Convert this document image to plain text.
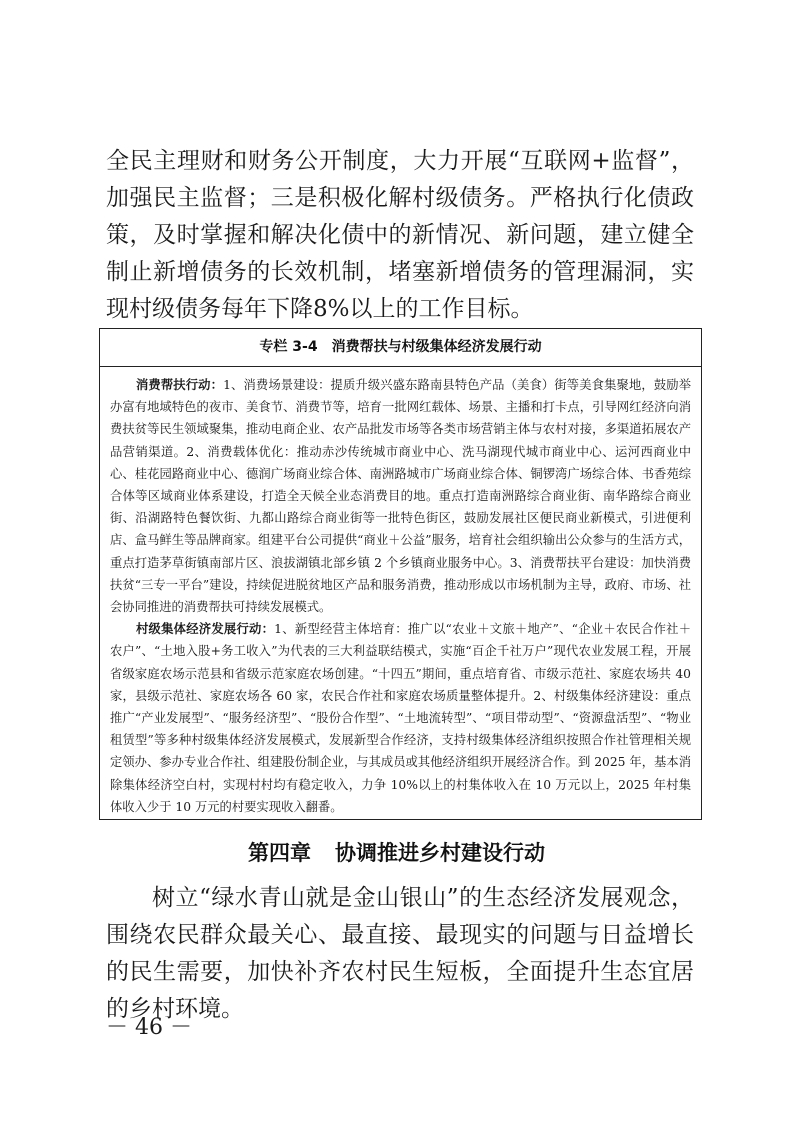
全民主理财和财务公开制度，大力开展“互联网+监督”，加强民主监督；三是积极化解村级债务。严格执行化债政策，及时掌握和解决化债中的新情况、新问题，建立健全制止新增债务的长效机制，堵塞新增债务的管理漏洞，实现村级债务每年下降8%以上的工作目标。

专栏 3-4　消费帮扶与村级集体经济发展行动

消费帮扶行动：1、消费场景建设：提质升级兴盛东路南县特色产品（美食）街等美食集聚地，鼓励举办富有地域特色的夜市、美食节、消费节等，培育一批网红载体、场景、主播和打卡点，引导网红经济向消费扶贫等民生领域聚集，推动电商企业、农产品批发市场等各类市场营销主体与农村对接，多渠道拓展农产品营销渠道。2、消费载体优化：推动赤沙传统城市商业中心、洗马湖现代城市商业中心、运河西商业中心、桂花园路商业中心、德润广场商业综合体、南洲路城市广场商业综合体、铜锣湾广场综合体、书香苑综合体等区域商业体系建设，打造全天候全业态消费目的地。重点打造南洲路综合商业街、南华路综合商业街、沿湖路特色餐饮街、九都山路综合商业街等一批特色街区，鼓励发展社区便民商业新模式，引进便利店、盒马鲜生等品牌商家。组建平台公司提供“商业＋公益”服务，培育社会组织输出公众参与的生活方式，重点打造茅草街镇南部片区、浪拔湖镇北部乡镇 2 个乡镇商业服务中心。3、消费帮扶平台建设：加快消费扶贫“三专一平台”建设，持续促进脱贫地区产品和服务消费，推动形成以市场机制为主导，政府、市场、社会协同推进的消费帮扶可持续发展模式。

村级集体经济发展行动：1、新型经营主体培育：推广以“农业＋文旅＋地产”、“企业＋农民合作社＋农户”、“土地入股+务工收入”为代表的三大利益联结模式，实施“百企千社万户”现代农业发展工程，开展省级家庭农场示范县和省级示范家庭农场创建。“十四五”期间，重点培育省、市级示范社、家庭农场共 40 家，县级示范社、家庭农场各 60 家，农民合作社和家庭农场质量整体提升。2、村级集体经济建设：重点推广“产业发展型”、“服务经济型”、“股份合作型”、“土地流转型”、“项目带动型”、“资源盘活型”、“物业租赁型”等多种村级集体经济发展模式，发展新型合作经济，支持村级集体经济组织按照合作社管理相关规定领办、参办专业合作社、组建股份制企业，与其成员或其他经济组织开展经济合作。到 2025 年，基本消除集体经济空白村，实现村村均有稳定收入，力争 10%以上的村集体收入在 10 万元以上，2025 年村集体收入少于 10 万元的村要实现收入翻番。

第四章 协调推进乡村建设行动

树立“绿水青山就是金山银山”的生态经济发展观念，围绕农民群众最关心、最直接、最现实的问题与日益增长的民生需要，加快补齐农村民生短板，全面提升生态宜居的乡村环境。

－ 46 －
